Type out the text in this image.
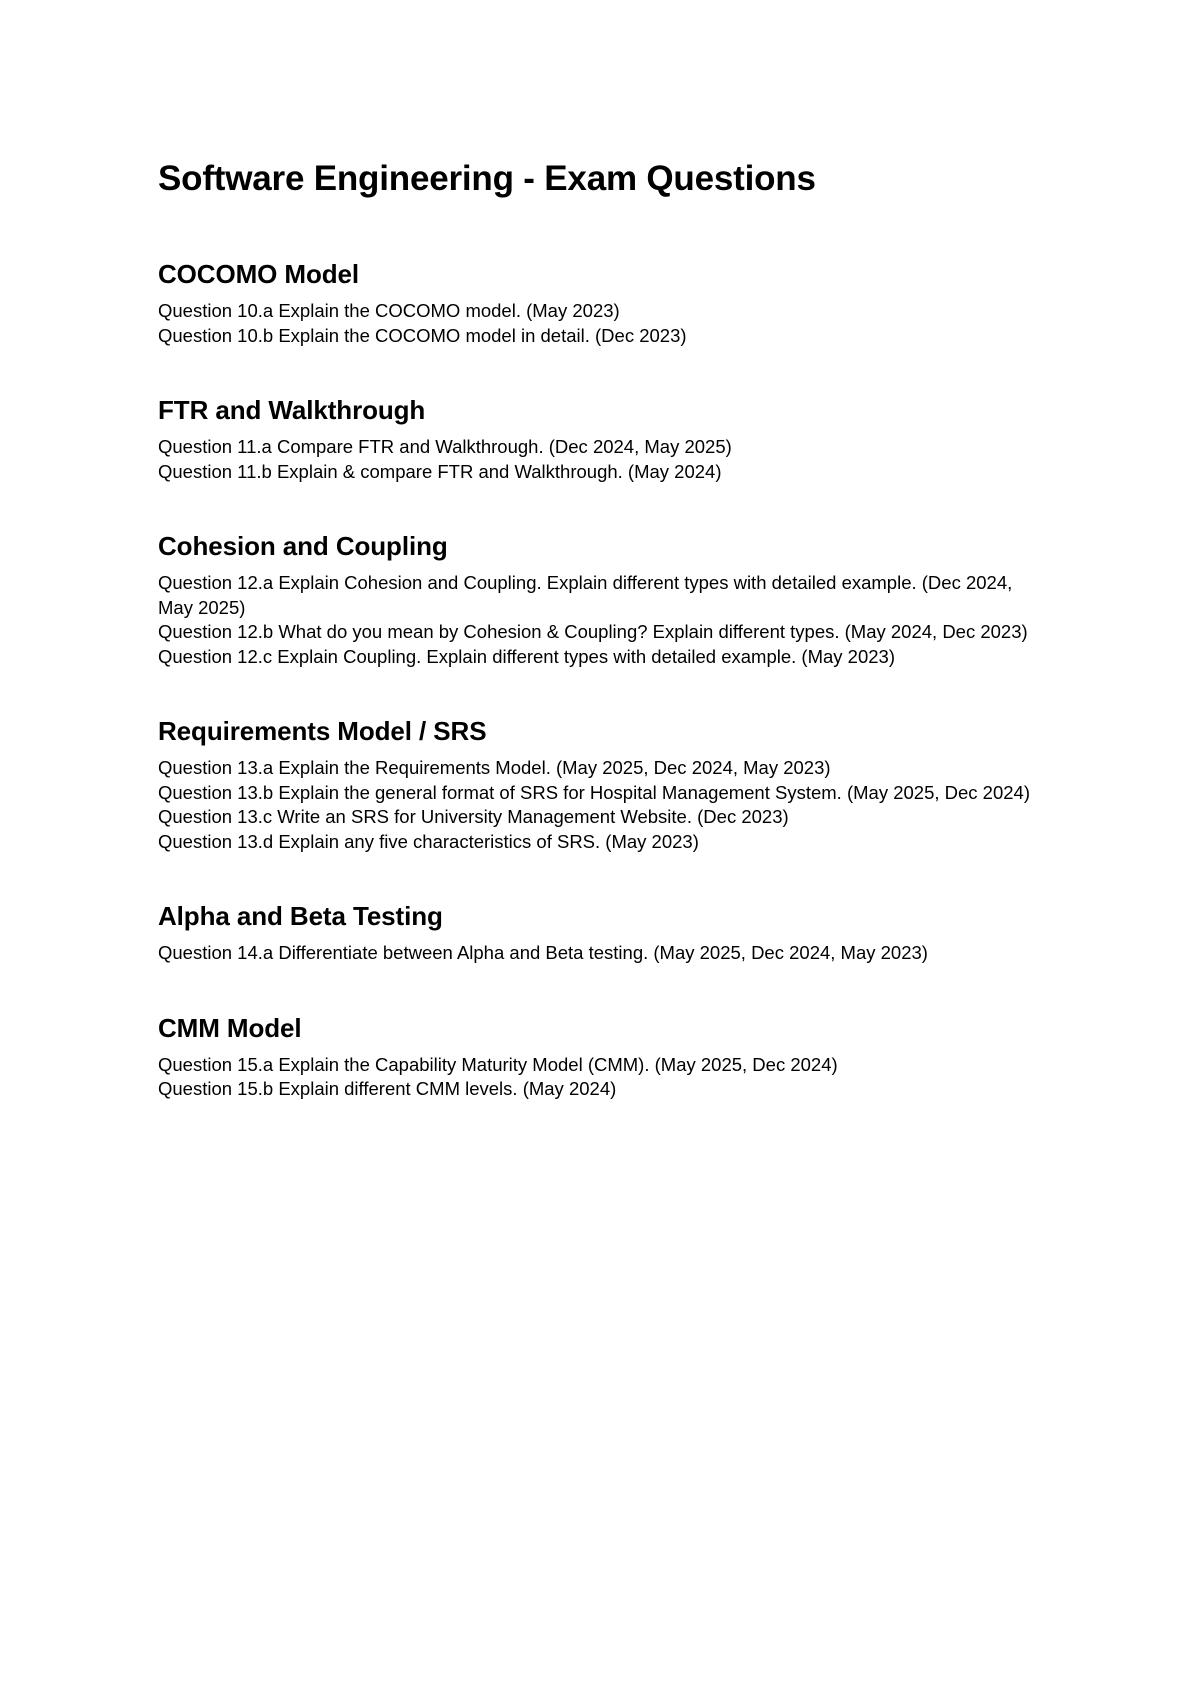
Software Engineering - Exam Questions
COCOMO Model
Question 10.a Explain the COCOMO model. (May 2023)
Question 10.b Explain the COCOMO model in detail. (Dec 2023)
FTR and Walkthrough
Question 11.a Compare FTR and Walkthrough. (Dec 2024, May 2025)
Question 11.b Explain & compare FTR and Walkthrough. (May 2024)
Cohesion and Coupling
Question 12.a Explain Cohesion and Coupling. Explain different types with detailed example. (Dec 2024, May 2025)
Question 12.b What do you mean by Cohesion & Coupling? Explain different types. (May 2024, Dec 2023)
Question 12.c Explain Coupling. Explain different types with detailed example. (May 2023)
Requirements Model / SRS
Question 13.a Explain the Requirements Model. (May 2025, Dec 2024, May 2023)
Question 13.b Explain the general format of SRS for Hospital Management System. (May 2025, Dec 2024)
Question 13.c Write an SRS for University Management Website. (Dec 2023)
Question 13.d Explain any five characteristics of SRS. (May 2023)
Alpha and Beta Testing
Question 14.a Differentiate between Alpha and Beta testing. (May 2025, Dec 2024, May 2023)
CMM Model
Question 15.a Explain the Capability Maturity Model (CMM). (May 2025, Dec 2024)
Question 15.b Explain different CMM levels. (May 2024)
